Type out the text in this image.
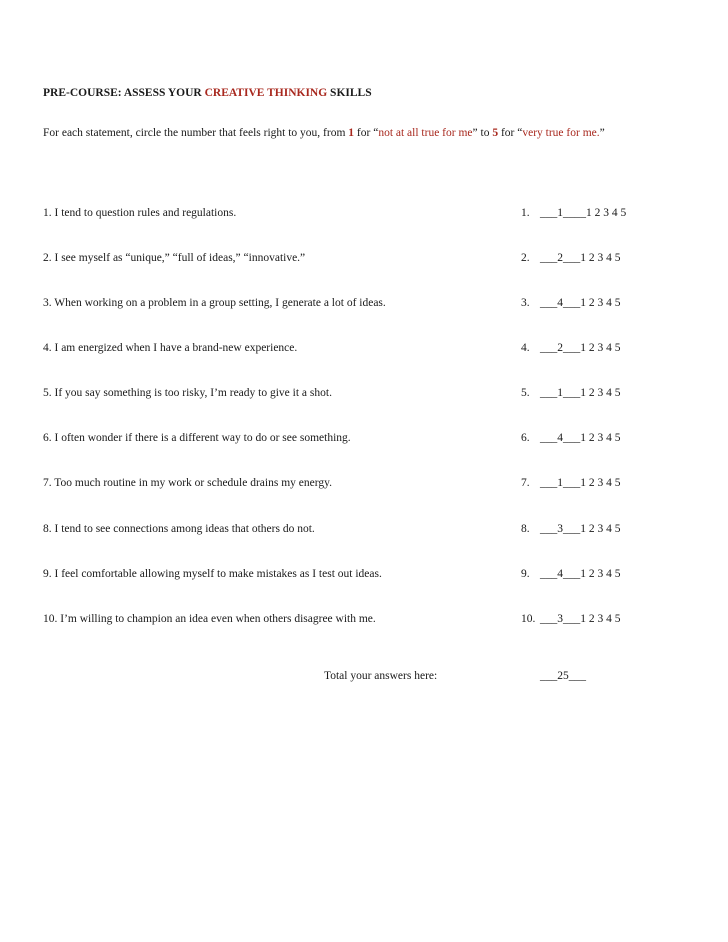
PRE-COURSE: ASSESS YOUR CREATIVE THINKING SKILLS
For each statement, circle the number that feels right to you, from 1 for “not at all true for me” to 5 for “very true for me.”
1. I tend to question rules and regulations.	1. ___1____1 2 3 4 5
2. I see myself as “unique,” “full of ideas,” “innovative.”	2. ___2___1 2 3 4 5
3. When working on a problem in a group setting, I generate a lot of ideas.	3. ___4___1 2 3 4 5
4. I am energized when I have a brand-new experience.	4. ___2___1 2 3 4 5
5. If you say something is too risky, I’m ready to give it a shot.	5. ___1___1 2 3 4 5
6. I often wonder if there is a different way to do or see something.	6. ___4___1 2 3 4 5
7. Too much routine in my work or schedule drains my energy.	7. ___1___1 2 3 4 5
8. I tend to see connections among ideas that others do not.	8. ___3___1 2 3 4 5
9. I feel comfortable allowing myself to make mistakes as I test out ideas.	9. ___4___1 2 3 4 5
10. I’m willing to champion an idea even when others disagree with me.	10. ___3___1 2 3 4 5
Total your answers here:	___25___
